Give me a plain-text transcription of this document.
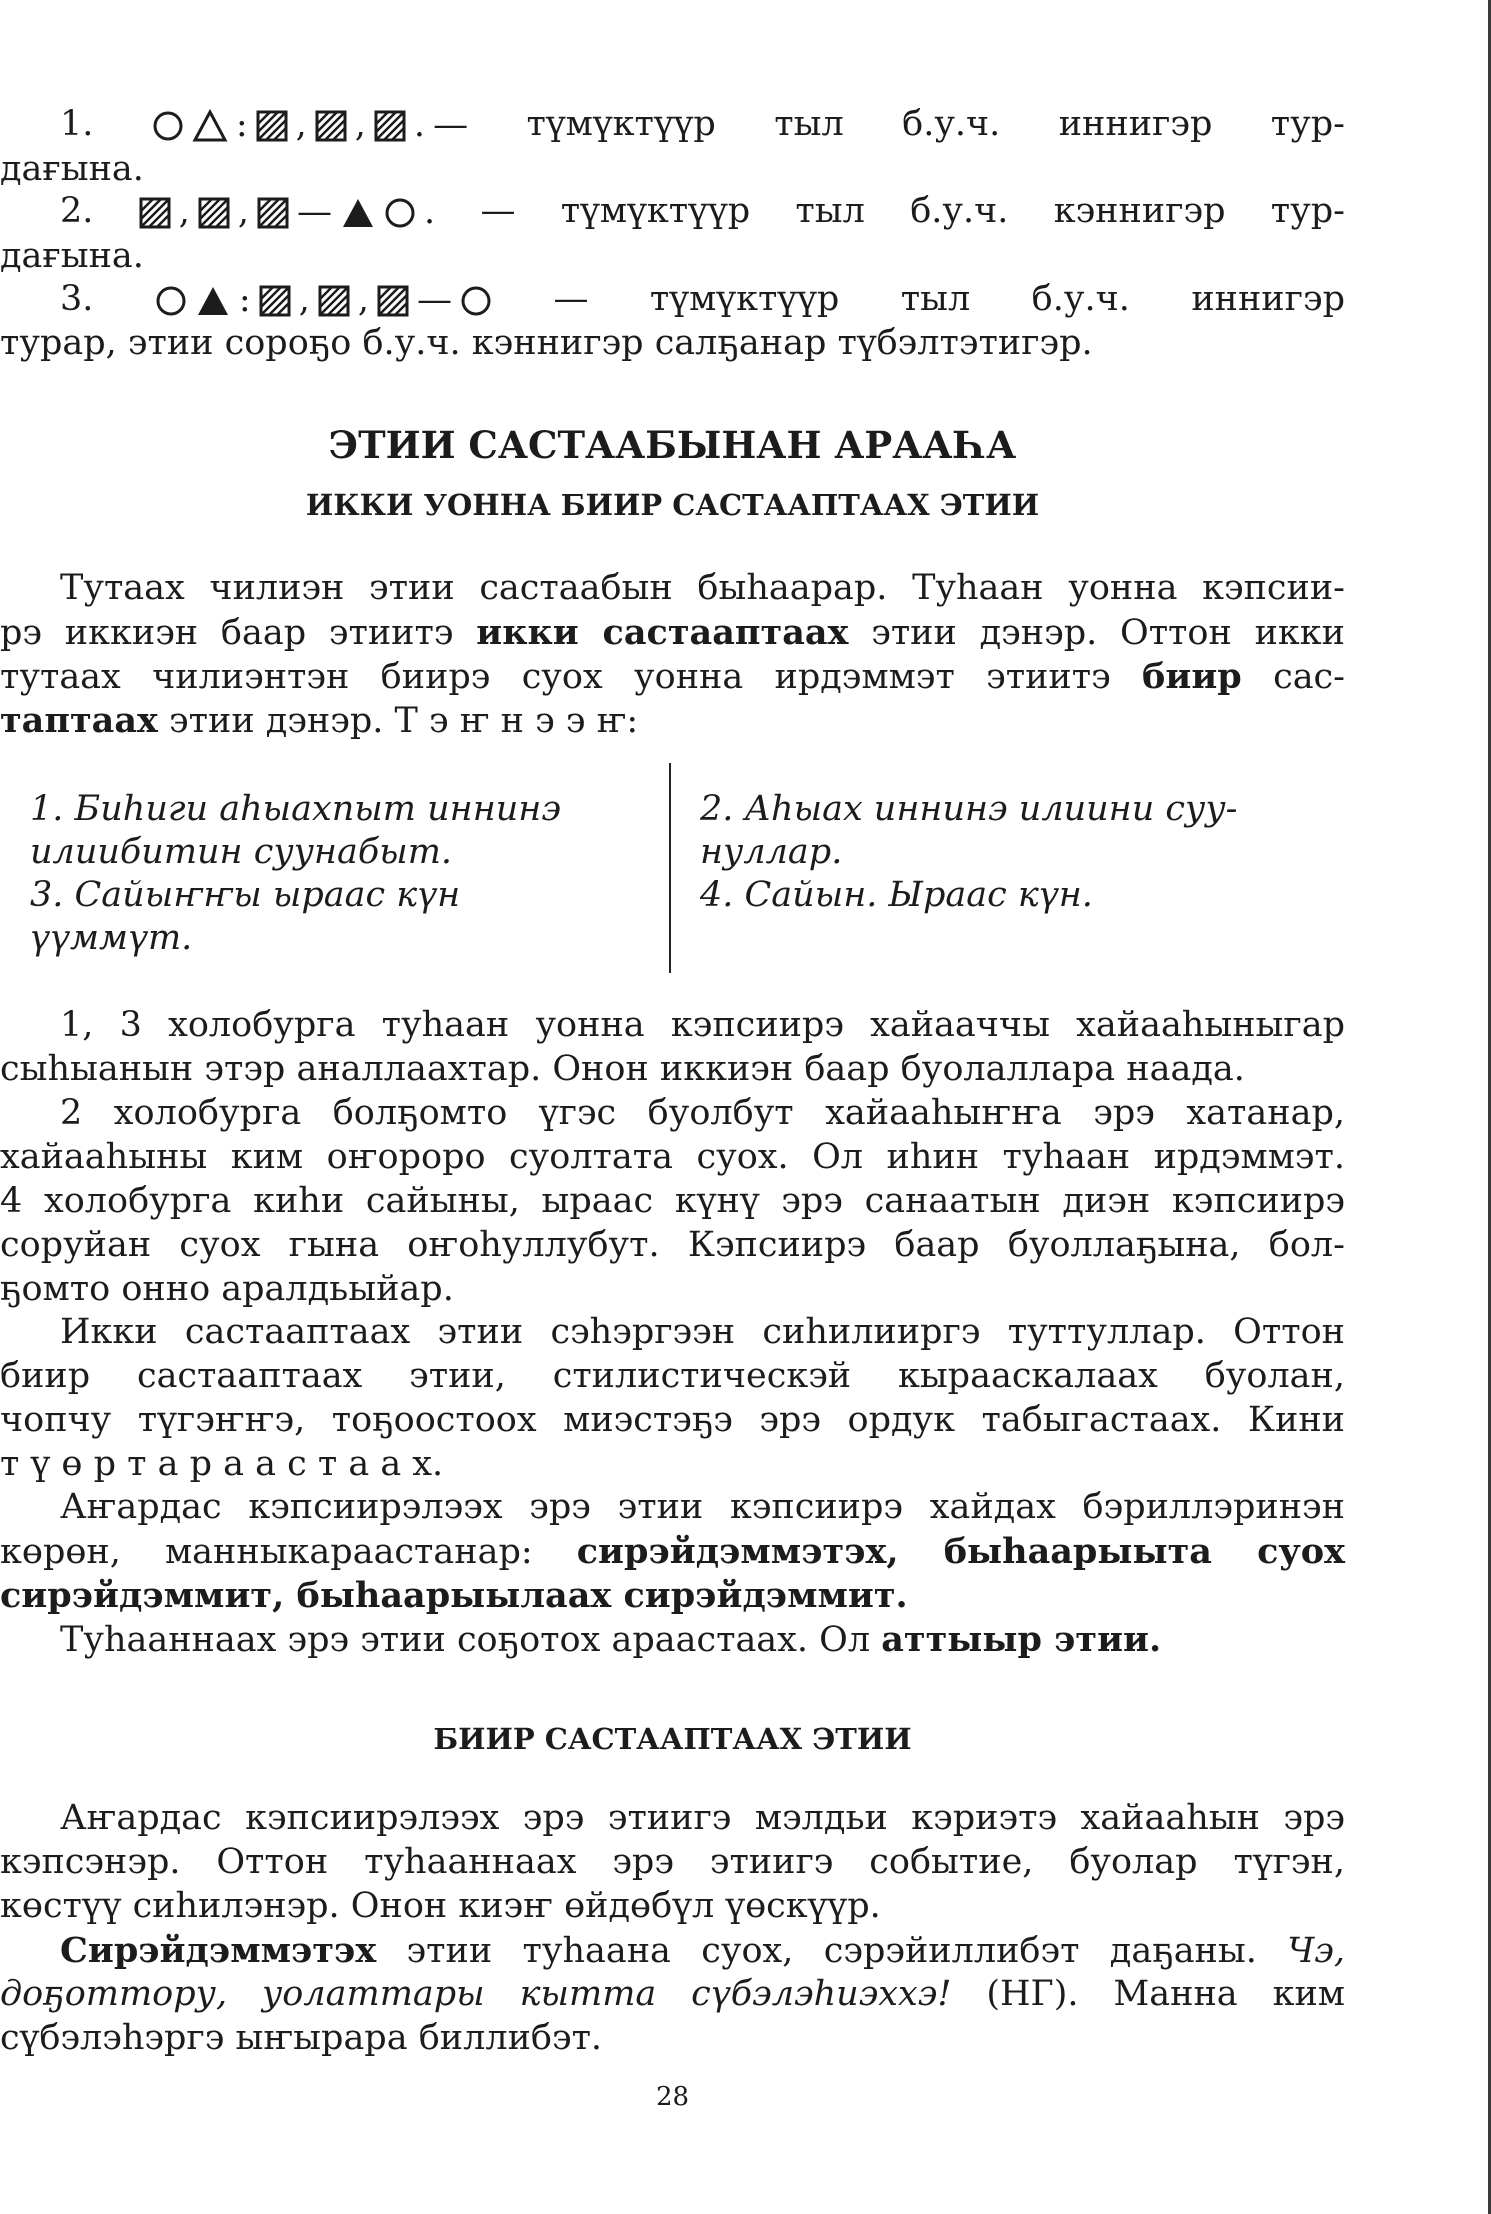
1.	: ,
,
. — түмүктүүр тыл б.у.ч. иннигэр тур-
дағына.
2. ,
, —	. — түмүктүүр тыл б.у.ч. кэннигэр тур-
дағына.
3.	: ,
, —	— түмүктүүр тыл б.у.ч. иннигэр
турар, этии сороҕо б.у.ч. кэннигэр салҕанар түбэлтэтигэр.
ЭТИИ САСТААБЫНАН АРААҺА
ИККИ УОННА БИИР САСТААПТААХ ЭТИИ
Тутаах чилиэн этии састаабын быһаарар. Туһаан уонна кэпсии-
рэ иккиэн баар этиитэ икки састааптаах этии дэнэр. Оттон икки
тутаах чилиэнтэн биирэ суох уонна ирдэммэт этиитэ биир сас-
таптаах этии дэнэр. Т э ҥ н э э ҥ:
1. Биһиги аһыахпыт иннинэ
илиибитин суунабыт.
3. Сайыҥҥы ыраас күн
үүммүт.
2. Аһыах иннинэ илиини суу-
нуллар.
4. Сайын. Ыраас күн.
1, 3 холобурга туһаан уонна кэпсиирэ хайааччы хайааһыныгар
сыһыанын этэр аналлаахтар. Онон иккиэн баар буолаллара наада.
2 холобурга болҕомто үгэс буолбут хайааһыҥҥа эрэ хатанар,
хайааһыны ким оҥороро суолтата суох. Ол иһин туһаан ирдэммэт.
4 холобурга киһи сайыны, ыраас күнү эрэ санаатын диэн кэпсиирэ
соруйан суох гына оҥоһуллубут. Кэпсиирэ баар буоллаҕына, бол-
ҕомто онно аралдьыйар.
Икки састааптаах этии сэһэргээн сиһилииргэ туттуллар. Оттон
биир састааптаах этии, стилистическэй кырааскалаах буолан,
чопчу түгэҥҥэ, тоҕоостоох миэстэҕэ эрэ ордук табыгастаах. Кини
т ү ө р т а р а а с т а а х.
Аҥардас кэпсиирэлээх эрэ этии кэпсиирэ хайдах бэриллэринэн
көрөн, манныкараастанар: сирэйдэммэтэх, быһаарыыта суох
сирэйдэммит, быһаарыылаах сирэйдэммит.
Туһааннаах эрэ этии соҕотох араастаах. Ол аттыыр этии.
БИИР САСТААПТААХ ЭТИИ
Аҥардас кэпсиирэлээх эрэ этиигэ мэлдьи кэриэтэ хайааһын эрэ
кэпсэнэр. Оттон туһааннаах эрэ этиигэ событие, буолар түгэн,
көстүү сиһилэнэр. Онон киэҥ өйдөбүл үөскүүр.
Сирэйдэммэтэх этии туһаана суох, сэрэйиллибэт даҕаны. Чэ,
доҕоттору, уолаттары кытта сүбэлэһиэххэ! (НГ). Манна ким
сүбэлэһэргэ ыҥырара биллибэт.
28
